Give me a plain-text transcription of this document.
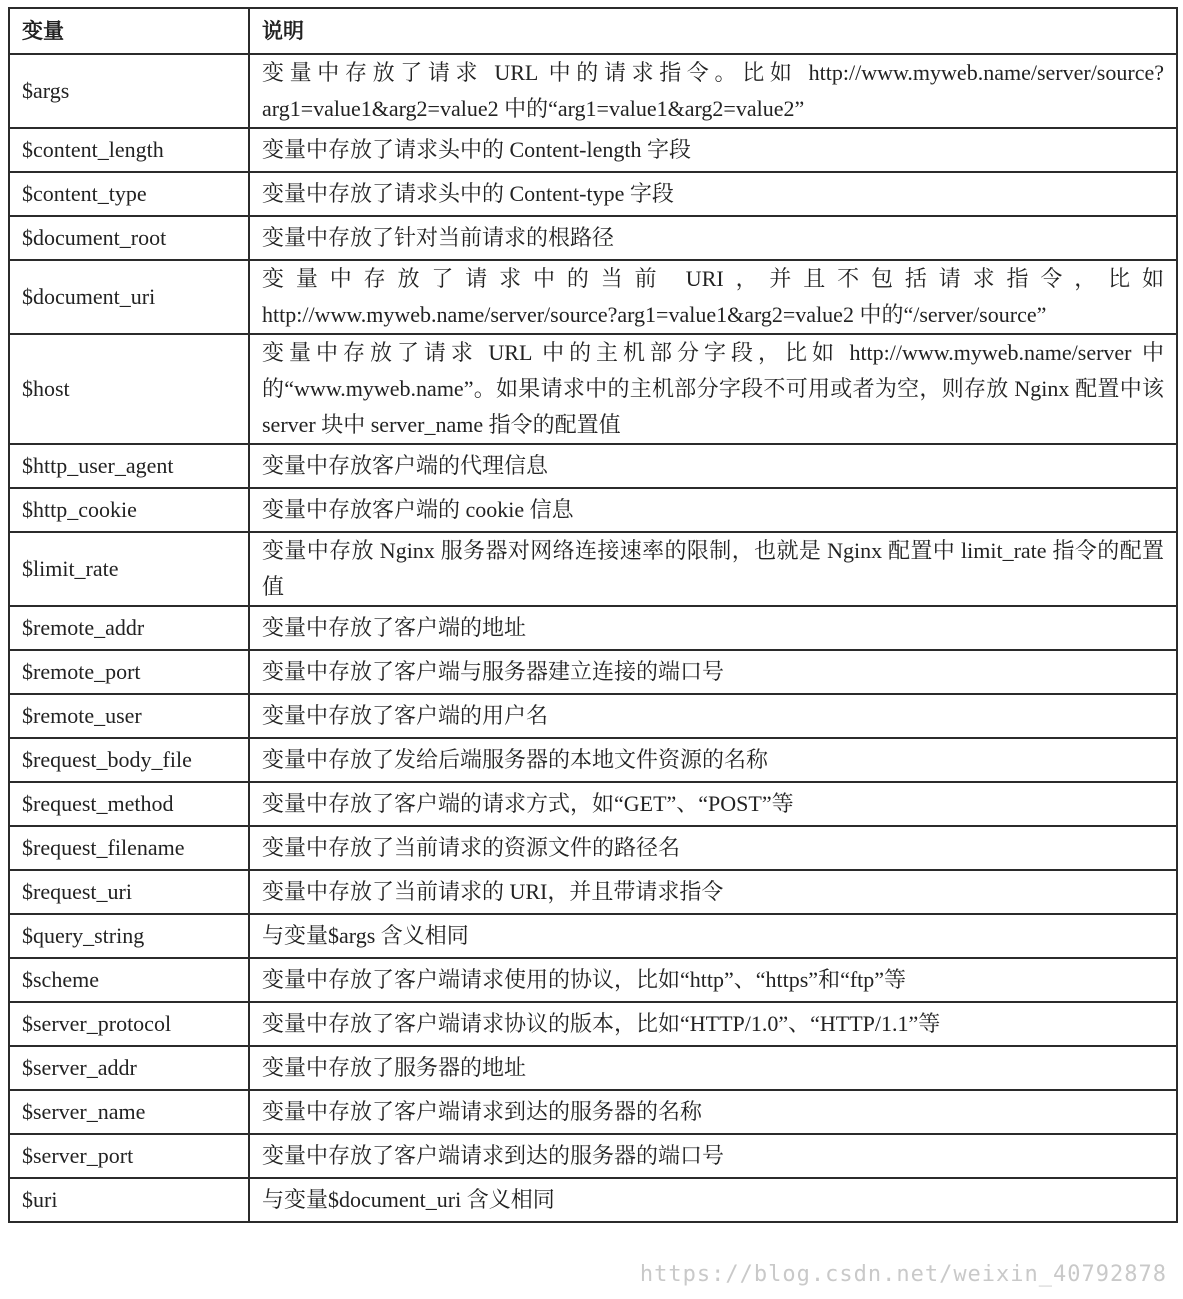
变量	说明
$args	变量中存放了请求 URL 中的请求指令。比如 http://www.myweb.name/server/source?arg1=value1&arg2=value2 中的“arg1=value1&arg2=value2”
$content_length	变量中存放了请求头中的 Content-length 字段
$content_type	变量中存放了请求头中的 Content-type 字段
$document_root	变量中存放了针对当前请求的根路径
$document_uri	变量中存放了请求中的当前 URI，并且不包括请求指令，比如 http://www.myweb.name/server/source?arg1=value1&arg2=value2 中的“/server/source”
$host	变量中存放了请求 URL 中的主机部分字段，比如 http://www.myweb.name/server 中的“www.myweb.name”。如果请求中的主机部分字段不可用或者为空，则存放 Nginx 配置中该 server 块中 server_name 指令的配置值
$http_user_agent	变量中存放客户端的代理信息
$http_cookie	变量中存放客户端的 cookie 信息
$limit_rate	变量中存放 Nginx 服务器对网络连接速率的限制，也就是 Nginx 配置中 limit_rate 指令的配置值
$remote_addr	变量中存放了客户端的地址
$remote_port	变量中存放了客户端与服务器建立连接的端口号
$remote_user	变量中存放了客户端的用户名
$request_body_file	变量中存放了发给后端服务器的本地文件资源的名称
$request_method	变量中存放了客户端的请求方式，如“GET”、“POST”等
$request_filename	变量中存放了当前请求的资源文件的路径名
$request_uri	变量中存放了当前请求的 URI，并且带请求指令
$query_string	与变量$args 含义相同
$scheme	变量中存放了客户端请求使用的协议，比如“http”、“https”和“ftp”等
$server_protocol	变量中存放了客户端请求协议的版本，比如“HTTP/1.0”、“HTTP/1.1”等
$server_addr	变量中存放了服务器的地址
$server_name	变量中存放了客户端请求到达的服务器的名称
$server_port	变量中存放了客户端请求到达的服务器的端口号
$uri	与变量$document_uri 含义相同
https://blog.csdn.net/weixin_40792878
